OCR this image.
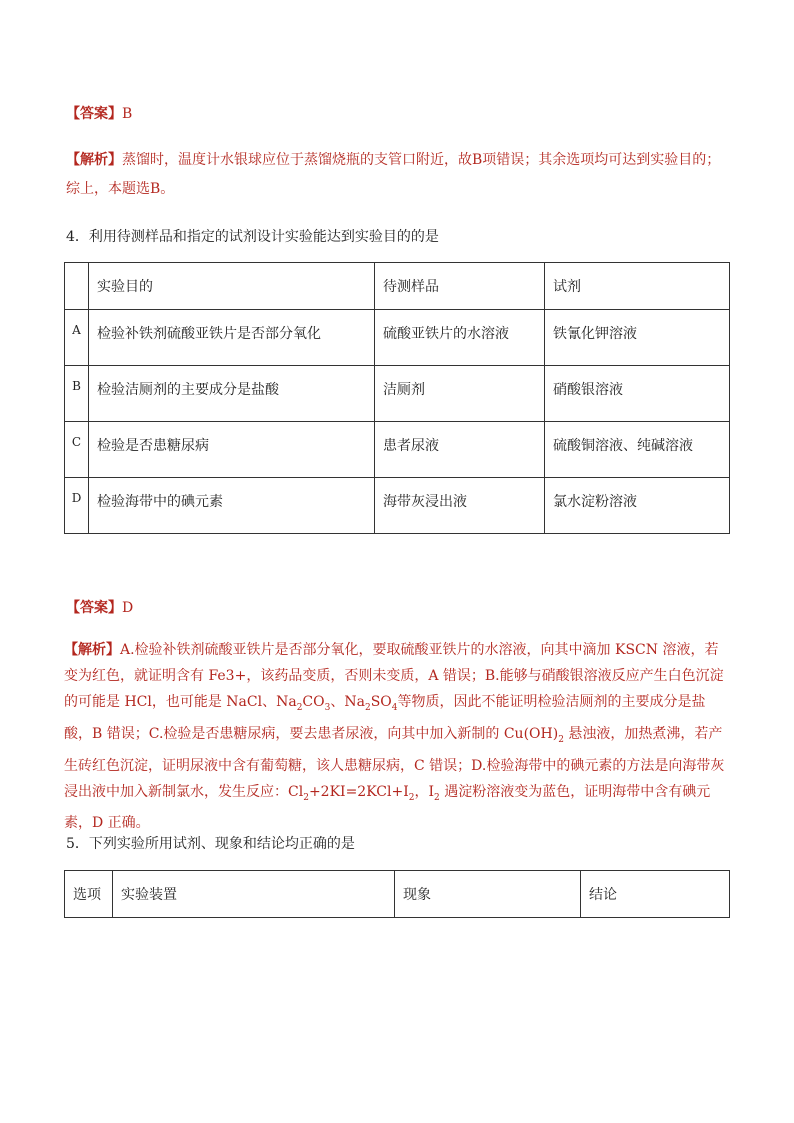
【答案】B
【解析】蒸馏时，温度计水银球应位于蒸馏烧瓶的支管口附近，故B项错误；其余选项均可达到实验目的；
综上，本题选B。
4．利用待测样品和指定的试剂设计实验能达到实验目的的是
	实验目的	待测样品	试剂
A	检验补铁剂硫酸亚铁片是否部分氧化	硫酸亚铁片的水溶液	铁氰化钾溶液
B	检验洁厕剂的主要成分是盐酸	洁厕剂	硝酸银溶液
C	检验是否患糖尿病	患者尿液	硫酸铜溶液、纯碱溶液
D	检验海带中的碘元素	海带灰浸出液	氯水淀粉溶液
【答案】D
【解析】A.检验补铁剂硫酸亚铁片是否部分氧化，要取硫酸亚铁片的水溶液，向其中滴加 KSCN 溶液，若变为红色，就证明含有 Fe3+，该药品变质，否则未变质，A 错误；B.能够与硝酸银溶液反应产生白色沉淀的可能是 HCl，也可能是 NaCl、$Na_2CO_3$、$Na_2SO_4$等物质，因此不能证明检验洁厕剂的主要成分是盐酸，B 错误；C.检验是否患糖尿病，要去患者尿液，向其中加入新制的 $Cu(OH)_2$ 悬浊液，加热煮沸，若产生砖红色沉淀，证明尿液中含有葡萄糖，该人患糖尿病，C 错误；D.检验海带中的碘元素的方法是向海带灰浸出液中加入新制氯水，发生反应：$Cl_2+2KI=2KCl+I_2$，$I_2$ 遇淀粉溶液变为蓝色，证明海带中含有碘元素，D 正确。
5．下列实验所用试剂、现象和结论均正确的是
选项	实验装置	现象	结论
